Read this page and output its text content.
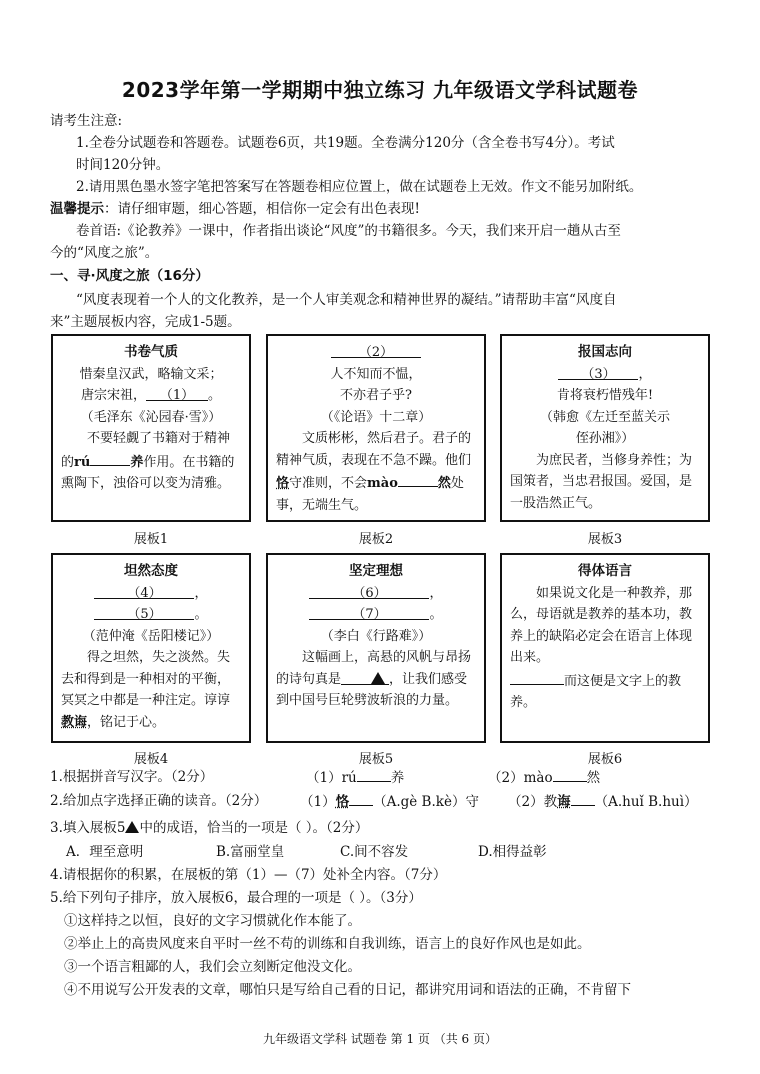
2023学年第一学期期中独立练习 九年级语文学科试题卷
请考生注意:
1.全卷分试题卷和答题卷。试题卷6页，共19题。全卷满分120分（含全卷书写4分）。考试
时间120分钟。
2.请用黑色墨水签字笔把答案写在答题卷相应位置上，做在试题卷上无效。作文不能另加附纸。
温馨提示：请仔细审题，细心答题，相信你一定会有出色表现!
卷首语:《论教养》一课中，作者指出谈论“风度”的书籍很多。今天，我们来开启一趟从古至
今的“风度之旅”。
一、寻·风度之旅（16分）
“风度表现着一个人的文化教养，是一个人审美观念和精神世界的凝结。”请帮助丰富“风度自
来”主题展板内容，完成1-5题。
书卷气质
惜秦皇汉武，略输文采；
唐宗宋祖， （1） 。
（毛泽东《沁园春·雪》）
不要轻觑了书籍对于精神的rú	养作用。在书籍的熏陶下，浊俗可以变为清雅。
展板1
（2）
人不知而不愠，
不亦君子乎?
（《论语》十二章）
文质彬彬，然后君子。君子的精神气质，表现在不急不躁。他们恪守准则，不会mào	然处事，无端生气。
展板2
报国志向
（3） ，
肯将衰朽惜残年!
（韩愈《左迁至蓝关示
侄孙湘》）
为庶民者，当修身养性；为国策者，当忠君报国。爱国，是一股浩然正气。
展板3
坦然态度
（4）	，
（5）	。
（范仲淹《岳阳楼记》）
得之坦然，失之淡然。失去和得到是一种相对的平衡，冥冥之中都是一种注定。谆谆教诲，铭记于心。
展板4
坚定理想
（6）	，
（7）	。
（李白《行路难》）
这幅画上，高悬的风帆与昂扬的诗句真是	，让我们感受到中国号巨轮劈波斩浪的力量。
展板5
得体语言
如果说文化是一种教养，那么，母语就是教养的基本功，教养上的缺陷必定会在语言上体现出来。
而这便是文字上的教养。
展板6
1.根据拼音写汉字。（2分）	（1）rú	养	（2）mào	然
2.给加点字选择正确的读音。（2分） （1）恪 （A.gè B.kè）守 （2）教诲 （A.huǐ B.huì）
3.填入展板5 中的成语，恰当的一项是（ ）。（2分）
A．理至意明	B.富丽堂皇	C.间不容发	D.相得益彰
4.请根据你的积累，在展板的第（1）—（7）处补全内容。（7分）
5.给下列句子排序，放入展板6，最合理的一项是（ ）。（3分）
①这样持之以恒，良好的文字习惯就化作本能了。
②举止上的高贵风度来自平时一丝不苟的训练和自我训练，语言上的良好作风也是如此。
③一个语言粗鄙的人，我们会立刻断定他没文化。
④不用说写公开发表的文章，哪怕只是写给自己看的日记，都讲究用词和语法的正确，不肯留下
九年级语文学科 试题卷 第 1 页 （共 6 页）
